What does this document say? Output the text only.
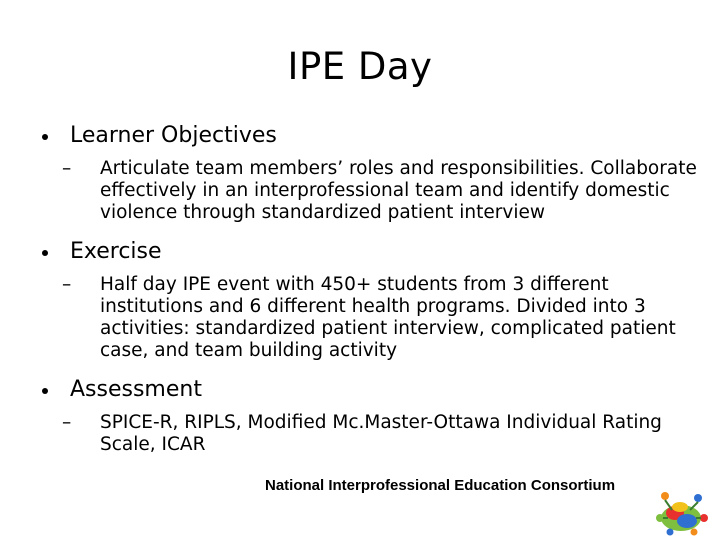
IPE Day
Learner Objectives
– Articulate team members’ roles and responsibilities. Collaborate effectively in an interprofessional team and identify domestic violence through standardized patient interview
Exercise
– Half day IPE event with 450+ students from 3 different institutions and 6 different health programs. Divided into 3 activities: standardized patient interview, complicated patient case, and team building activity
Assessment
– SPICE-R, RIPLS, Modified Mc.Master-Ottawa Individual Rating Scale, ICAR
National Interprofessional Education Consortium
